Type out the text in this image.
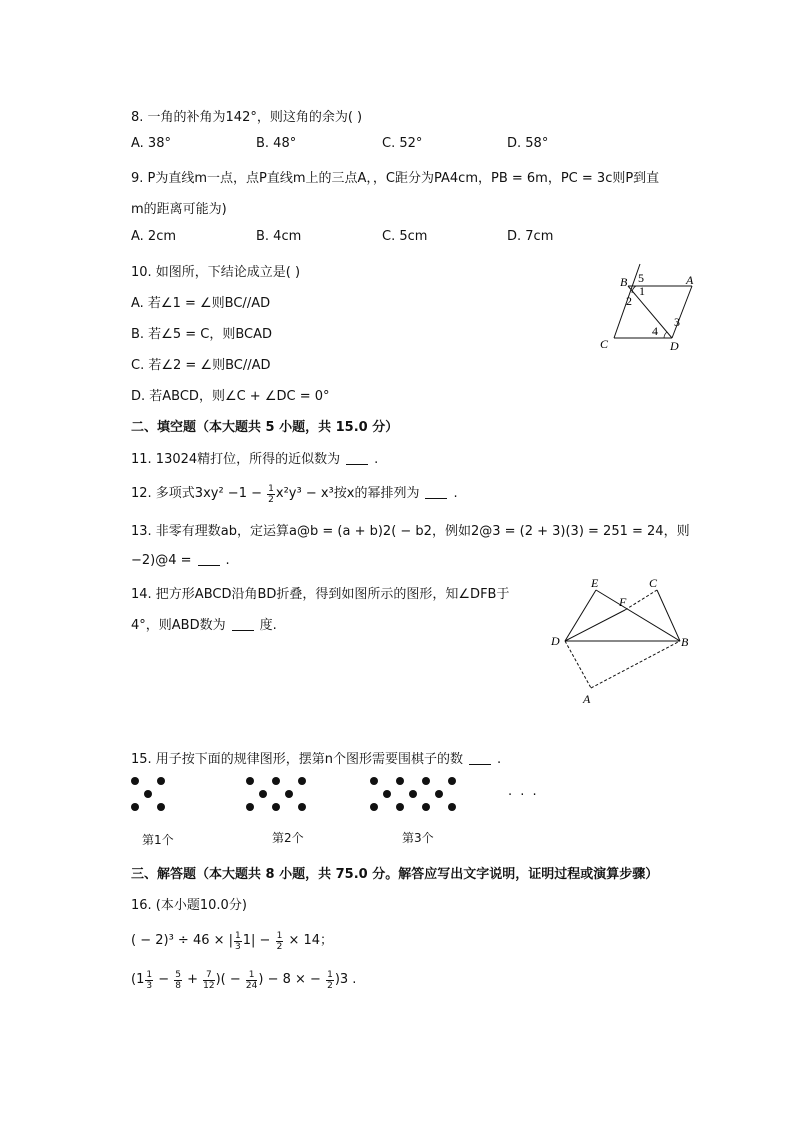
8. 一角的补角为142°，则这角的余为( )
A. 38°	B. 48°	C. 52°	D. 58°
9. P为直线m一点，点P直线m上的三点A，，C距分为PA4cm，PB = 6m，PC = 3c则P到直
m的距离可能为)
A. 2cm	B. 4cm	C. 5cm	D. 7cm
10. 如图所，下结论成立是( )
A. 若∠1 = ∠则BC//AD
B. 若∠5 = C，则BCAD
C. 若∠2 = ∠则BC//AD
D. 若ABCD，则∠C + ∠DC = 0°
B 5
1
2
A
3
4
C	D
二、填空题（本大题共 5 小题，共 15.0 分）
11. 13024精打位，所得的近似数为	.
12. 多项式$3xy^2 -1 - \frac{1}{2} x^2y^3 - x^3$按x的幂排列为	.
13. 非零有理数ab，定运算a@b = (a + b)2( − b2，例如2@3 = (2 + 3)(3) = 251 = 24，则
−2)@4 =	.
14. 把方形ABCD沿角BD折叠，得到如图所示的图形，知∠DFB于
4°，则ABD数为	度.
E	C
F
D	B
A
15. 用子按下面的规律图形，摆第n个图形需要围棋子的数	.
第1个	第2个	第3个
· · ·
三、解答题（本大题共 8 小题，共 75.0 分。解答应写出文字说明，证明过程或演算步骤）
16. (本小题10.0分)
( − 2)³ ÷ 46 × | $\frac{1}{3} 1| - \frac{1}{2} \times 14$；
($1 \frac{1}{3} - \frac{5}{8} + \frac{7}{12}$ )( − $\frac{1}{24}$ ) − 8 × − $\frac{1}{2} )3$ .
